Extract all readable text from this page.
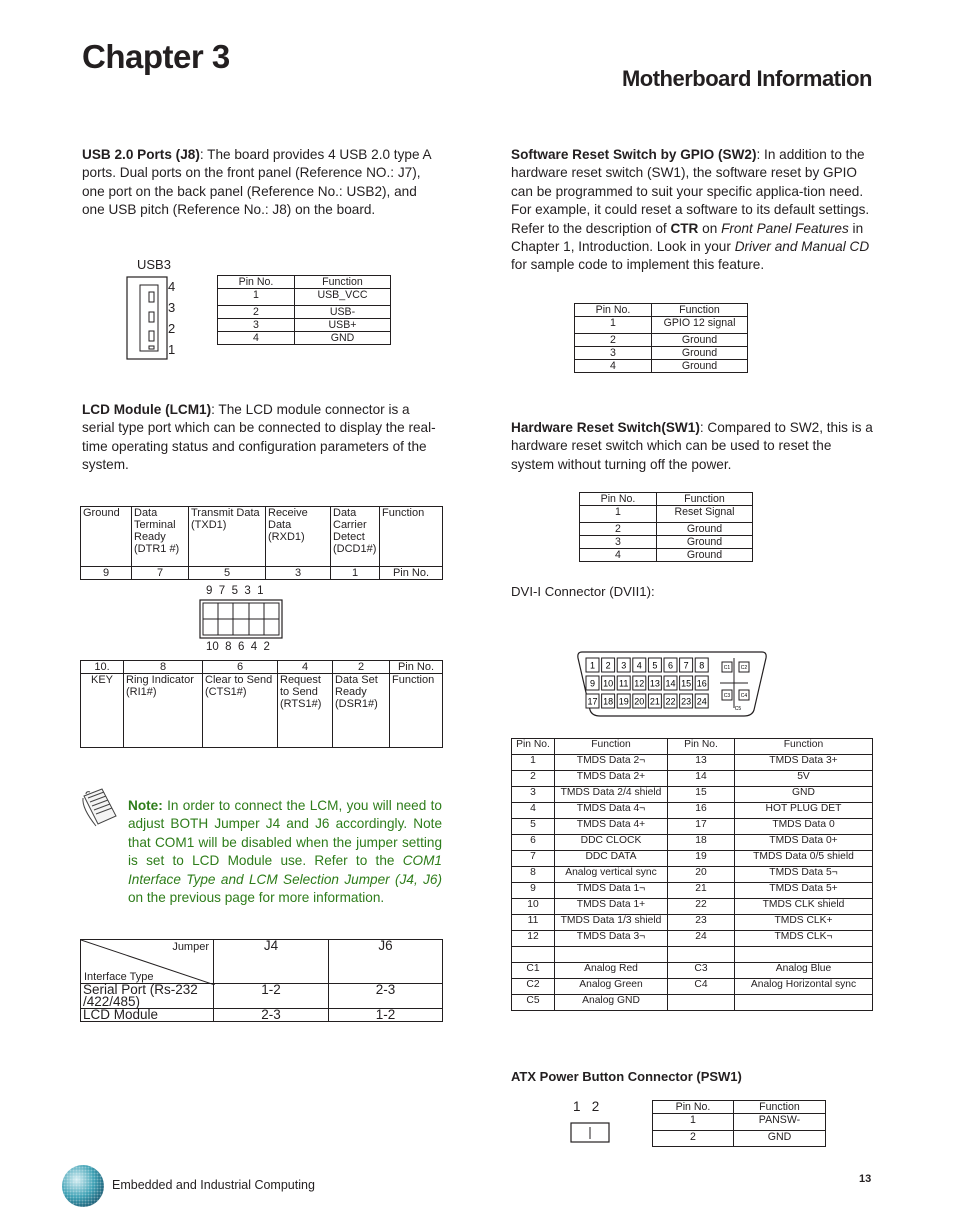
Chapter 3
Motherboard Information
USB 2.0 Ports (J8): The board provides 4 USB 2.0 type A ports. Dual ports on the front panel (Reference NO.: J7), one port on the back panel (Reference No.: USB2), and one USB pitch (Reference No.: J8) on the board.
USB3
4
3
2
1
Pin No.	Function
1	USB_VCC
2	USB-
3	USB+
4	GND
LCD Module (LCM1): The LCD module connector is a serial type port which can be connected to display the real-time operating status and configuration parameters of the system.
Ground	Data Terminal Ready (DTR1 #)	Transmit Data (TXD1)	Receive Data (RXD1)	Data Carrier Detect (DCD1#)	Function
9	7	5	3	1	Pin No.
9  7  5  3  1
10  8  6  4  2
10.	8	6	4	2	Pin No.
KEY	Ring Indicator (RI1#)	Clear to Send (CTS1#)	Request to Send (RTS1#)	Data Set Ready (DSR1#)	Function
Note: In order to connect the LCM, you will need to adjust BOTH Jumper J4 and J6 accordingly. Note that COM1 will be disabled when the jumper setting is set to LCD Module use. Refer to the COM1 Interface Type and LCM Selection Jumper (J4, J6) on the previous page for more information.
Jumper
Interface Type	J4	J6
Serial Port (Rs-232 /422/485)	1-2	2-3
LCD Module	2-3	1-2
Software Reset Switch by GPIO (SW2): In addition to the hardware reset switch (SW1), the software reset by GPIO can be programmed to suit your specific applica-tion need. For example, it could reset a software to its default settings. Refer to the description of CTR on Front Panel Features in Chapter 1, Introduction. Look in your Driver and Manual CD for sample code to implement this feature.
Pin No.	Function
1	GPIO 12 signal
2	Ground
3	Ground
4	Ground
Hardware Reset Switch(SW1): Compared to SW2, this is a hardware reset switch which can be used to reset the system without turning off the power.
Pin No.	Function
1	Reset Signal
2	Ground
3	Ground
4	Ground
DVI-I Connector (DVII1):
1 2 3 4 5 6 7 8
9 10 11 12 13 14 15 16
17 18 19 20 21 22 23 24
C1 C2
C3 C4
C5
Pin No.	Function	Pin No.	Function
1	TMDS Data 2¬	13	TMDS Data 3+
2	TMDS Data 2+	14	5V
3	TMDS Data 2/4 shield	15	GND
4	TMDS Data 4¬	16	HOT PLUG DET
5	TMDS Data 4+	17	TMDS Data 0
6	DDC CLOCK	18	TMDS Data 0+
7	DDC DATA	19	TMDS Data 0/5 shield
8	Analog vertical sync	20	TMDS Data 5¬
9	TMDS Data 1¬	21	TMDS Data 5+
10	TMDS Data 1+	22	TMDS CLK shield
11	TMDS Data 1/3 shield	23	TMDS CLK+
12	TMDS Data 3¬	24	TMDS CLK¬

C1	Analog Red	C3	Analog Blue
C2	Analog Green	C4	Analog Horizontal sync
C5	Analog GND		
ATX Power Button Connector (PSW1)
1   2	Pin No.	Function
1	PANSW-
2	GND
Embedded and Industrial Computing	13
